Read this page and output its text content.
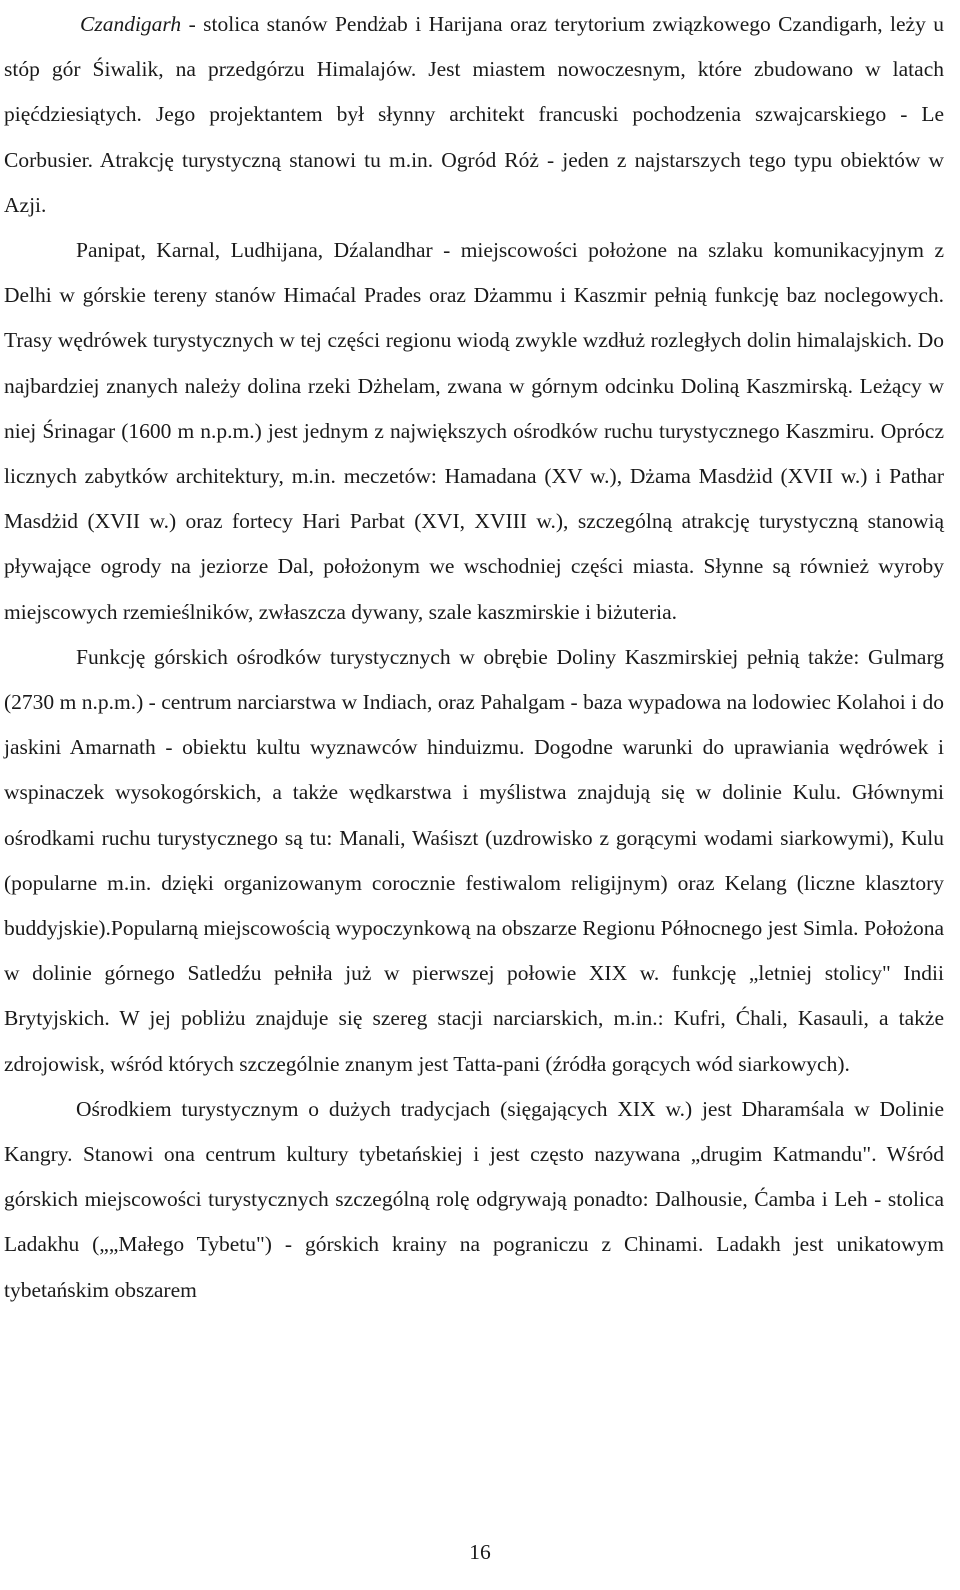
Czandigarh - stolica stanów Pendżab i Harijana oraz terytorium związkowego Czandigarh, leży u stóp gór Śiwalik, na przedgórzu Himalajów. Jest miastem nowoczesnym, które zbudowano w latach pięćdziesiątych. Jego projektantem był słynny architekt francuski pochodzenia szwajcarskiego - Le Corbusier. Atrakcję turystyczną stanowi tu m.in. Ogród Róż - jeden z najstarszych tego typu obiektów w Azji.

Panipat, Karnal, Ludhijana, Dźalandhar - miejscowości położone na szlaku komunikacyjnym z Delhi w górskie tereny stanów Himaćal Prades oraz Dżammu i Kaszmir pełnią funkcję baz noclegowych. Trasy wędrówek turystycznych w tej części regionu wiodą zwykle wzdłuż rozległych dolin himalajskich. Do najbardziej znanych należy dolina rzeki Dżhelam, zwana w górnym odcinku Doliną Kaszmirską. Leżący w niej Śrinagar (1600 m n.p.m.) jest jednym z największych ośrodków ruchu turystycznego Kaszmiru. Oprócz licznych zabytków architektury, m.in. meczetów: Hamadana (XV w.), Dżama Masdżid (XVII w.) i Pathar Masdżid (XVII w.) oraz fortecy Hari Parbat (XVI, XVIII w.), szczególną atrakcję turystyczną stanowią pływające ogrody na jeziorze Dal, położonym we wschodniej części miasta. Słynne są również wyroby miejscowych rzemieślników, zwłaszcza dywany, szale kaszmirskie i biżuteria.

Funkcję górskich ośrodków turystycznych w obrębie Doliny Kaszmirskiej pełnią także: Gulmarg (2730 m n.p.m.) - centrum narciarstwa w Indiach, oraz Pahalgam - baza wypadowa na lodowiec Kolahoi i do jaskini Amarnath - obiektu kultu wyznawców hinduizmu. Dogodne warunki do uprawiania wędrówek i wspinaczek wysokogórskich, a także wędkarstwa i myślistwa znajdują się w dolinie Kulu. Głównymi ośrodkami ruchu turystycznego są tu: Manali, Waśiszt (uzdrowisko z gorącymi wodami siarkowymi), Kulu (popularne m.in. dzięki organizowanym corocznie festiwalom religijnym) oraz Kelang (liczne klasztory buddyjskie).Popularną miejscowością wypoczynkową na obszarze Regionu Północnego jest Simla. Położona w dolinie górnego Satledźu pełniła już w pierwszej połowie XIX w. funkcję „letniej stolicy" Indii Brytyjskich. W jej pobliżu znajduje się szereg stacji narciarskich, m.in.: Kufri, Ćhali, Kasauli, a także zdrojowisk, wśród których szczególnie znanym jest Tatta-pani (źródła gorących wód siarkowych).

Ośrodkiem turystycznym o dużych tradycjach (sięgających XIX w.) jest Dharamśala w Dolinie Kangry. Stanowi ona centrum kultury tybetańskiej i jest często nazywana „drugim Katmandu". Wśród górskich miejscowości turystycznych szczególną rolę odgrywają ponadto: Dalhousie, Ćamba i Leh - stolica Ladakhu („„Małego Tybetu") - górskich krainy na pograniczu z Chinami. Ladakh jest unikatowym tybetańskim obszarem

16
